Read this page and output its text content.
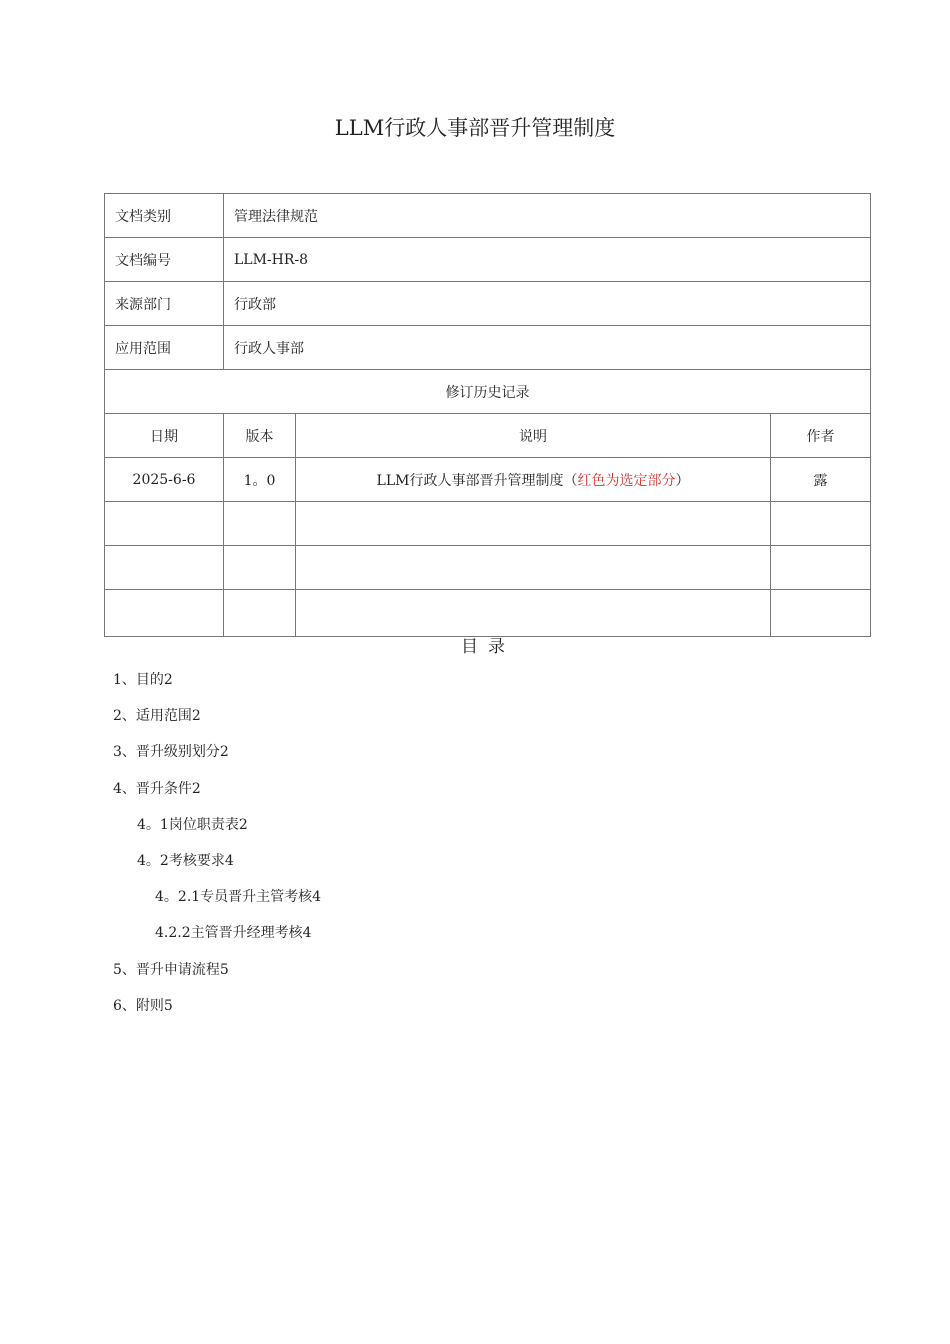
LLM行政人事部晋升管理制度
文档类别	管理法律规范		
文档编号	LLM-HR-8		
来源部门	行政部		
应用范围	行政人事部		
修订历史记录			
日期	版本	说明	作者
2025-6-6	1。0	LLM行政人事部晋升管理制度（红色为选定部分）	露

目录
1、目的2
2、适用范围2
3、晋升级别划分2
4、晋升条件2
4。1岗位职责表2
4。2考核要求4
4。2.1专员晋升主管考核4
4.2.2主管晋升经理考核4
5、晋升申请流程5
6、附则5
